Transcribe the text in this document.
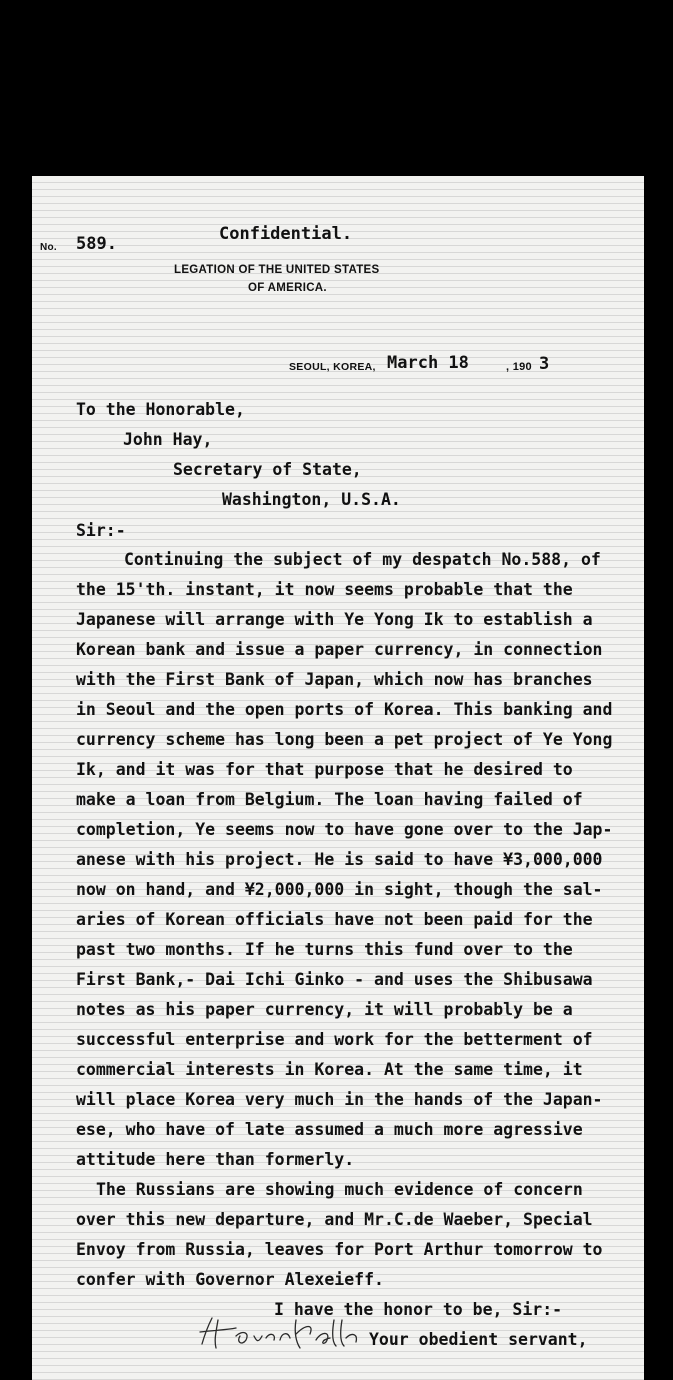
No. 589.	Confidential.
LEGATION OF THE UNITED STATES
OF AMERICA.
SEOUL, KOREA, March 18	, 190 3
To the Honorable,
John Hay,
Secretary of State,
Washington, U.S.A.
Sir:-
Continuing the subject of my despatch No.588, of
the 15'th. instant, it now seems probable that the
Japanese will arrange with Ye Yong Ik to establish a
Korean bank and issue a paper currency, in connection
with the First Bank of Japan, which now has branches
in Seoul and the open ports of Korea. This banking and
currency scheme has long been a pet project of Ye Yong
Ik, and it was for that purpose that he desired to
make a loan from Belgium. The loan having failed of
completion, Ye seems now to have gone over to the Jap-
anese with his project. He is said to have ¥3,000,000
now on hand, and ¥2,000,000 in sight, though the sal-
aries of Korean officials have not been paid for the
past two months. If he turns this fund over to the
First Bank,- Dai Ichi Ginko - and uses the Shibusawa
notes as his paper currency, it will probably be a
successful enterprise and work for the betterment of
commercial interests in Korea. At the same time, it
will place Korea very much in the hands of the Japan-
ese, who have of late assumed a much more agressive
attitude here than formerly.
The Russians are showing much evidence of concern
over this new departure, and Mr.C.de Waeber, Special
Envoy from Russia, leaves for Port Arthur tomorrow to
confer with Governor Alexeieff.
I have the honor to be, Sir:-
Your obedient servant,
